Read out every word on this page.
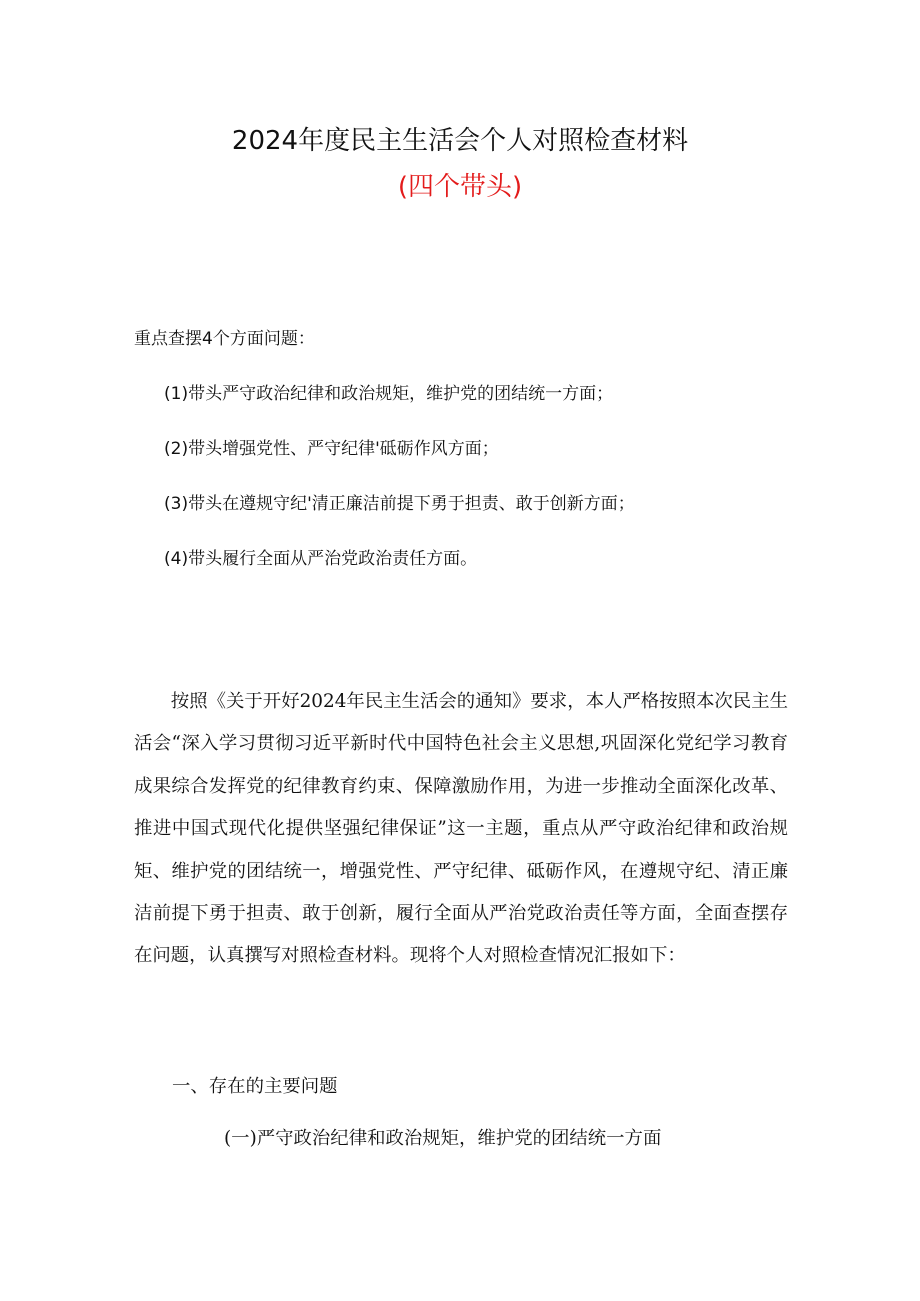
2024年度民主生活会个人对照检查材料
(四个带头)
重点查摆4个方面问题：
(1)带头严守政治纪律和政治规矩，维护党的团结统一方面；
(2)带头增强党性、严守纪律'砥砺作风方面；
(3)带头在遵规守纪'清正廉洁前提下勇于担责、敢于创新方面；
(4)带头履行全面从严治党政治责任方面。

按照《关于开好2024年民主生活会的通知》要求，本人严格按照本次民主生活会“深入学习贯彻习近平新时代中国特色社会主义思想,巩固深化党纪学习教育成果综合发挥党的纪律教育约束、保障激励作用，为进一步推动全面深化改革、推进中国式现代化提供坚强纪律保证”这一主题，重点从严守政治纪律和政治规矩、维护党的团结统一，增强党性、严守纪律、砥砺作风，在遵规守纪、清正廉洁前提下勇于担责、敢于创新，履行全面从严治党政治责任等方面，全面查摆存在问题，认真撰写对照检查材料。现将个人对照检查情况汇报如下：

一、存在的主要问题
(一)严守政治纪律和政治规矩，维护党的团结统一方面
